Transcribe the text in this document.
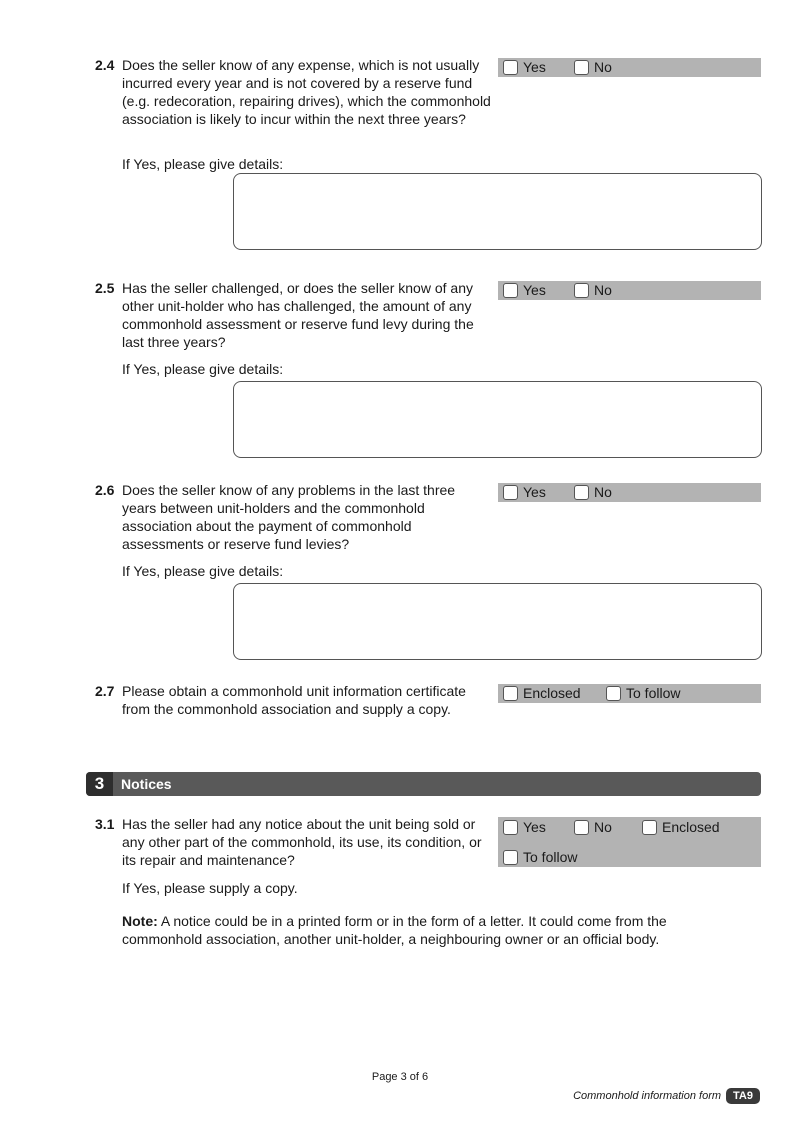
2.4 Does the seller know of any expense, which is not usually incurred every year and is not covered by a reserve fund (e.g. redecoration, repairing drives), which the commonhold association is likely to incur within the next three years?
Yes	No
If Yes, please give details:
2.5 Has the seller challenged, or does the seller know of any other unit-holder who has challenged, the amount of any commonhold assessment or reserve fund levy during the last three years?
Yes	No
If Yes, please give details:
2.6 Does the seller know of any problems in the last three years between unit-holders and the commonhold association about the payment of commonhold assessments or reserve fund levies?
Yes	No
If Yes, please give details:
2.7 Please obtain a commonhold unit information certificate from the commonhold association and supply a copy.
Enclosed	To follow
3	Notices
3.1 Has the seller had any notice about the unit being sold or any other part of the commonhold, its use, its condition, or its repair and maintenance?
Yes	No	Enclosed
To follow
If Yes, please supply a copy.
Note: A notice could be in a printed form or in the form of a letter. It could come from the commonhold association, another unit-holder, a neighbouring owner or an official body.
Page 3 of 6
Commonhold information form	TA9
